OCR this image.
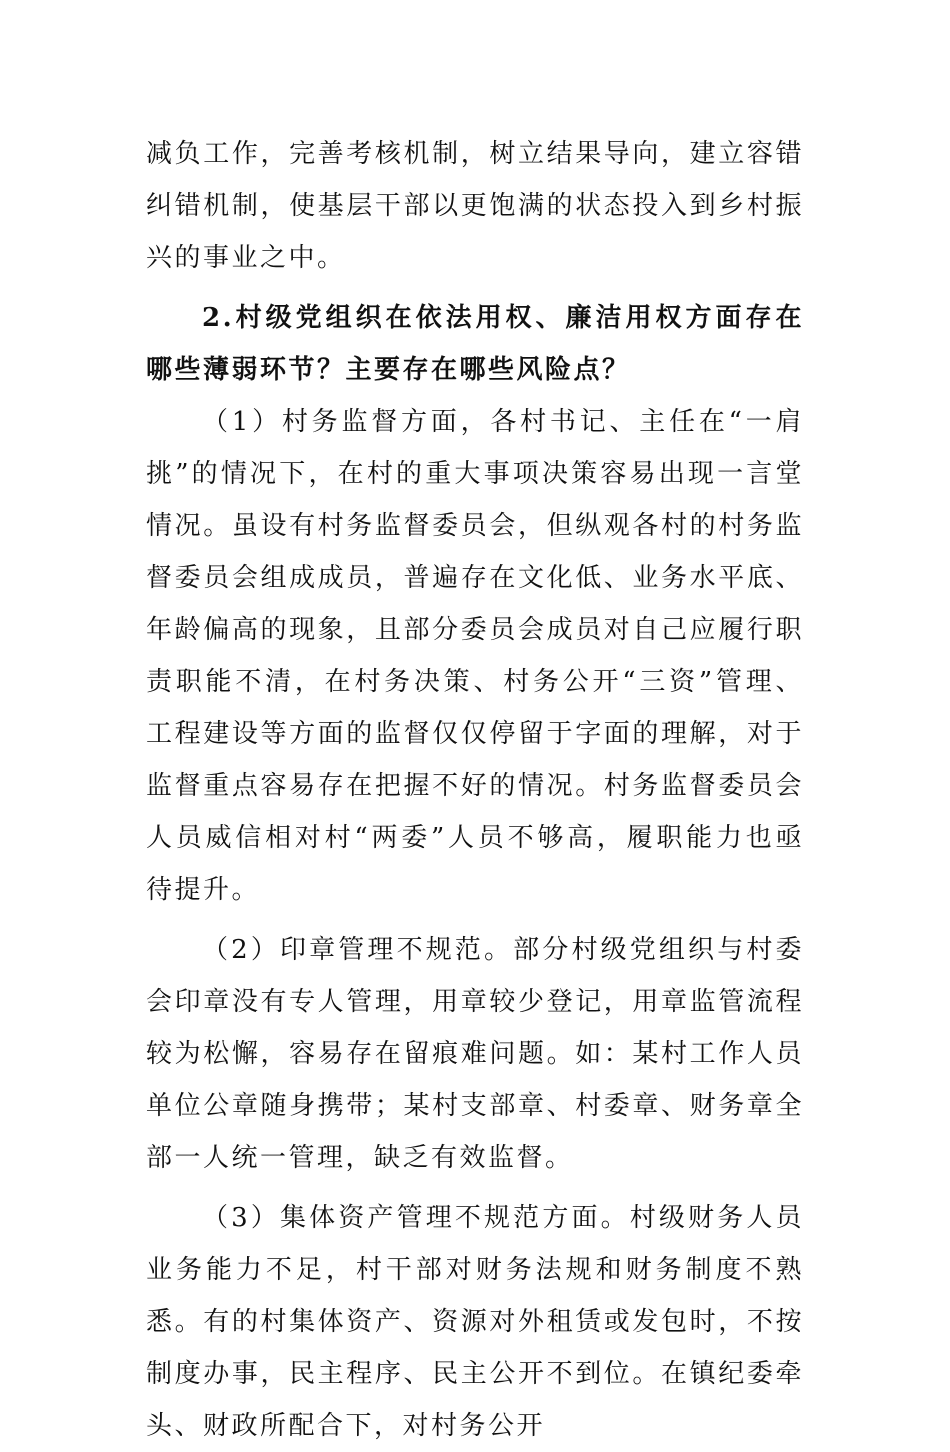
减负工作，完善考核机制，树立结果导向，建立容错纠错机制，使基层干部以更饱满的状态投入到乡村振兴的事业之中。

2.村级党组织在依法用权、廉洁用权方面存在哪些薄弱环节？主要存在哪些风险点？

（1）村务监督方面，各村书记、主任在“一肩挑”的情况下，在村的重大事项决策容易出现一言堂情况。虽设有村务监督委员会，但纵观各村的村务监督委员会组成成员，普遍存在文化低、业务水平底、年龄偏高的现象，且部分委员会成员对自己应履行职责职能不清，在村务决策、村务公开“三资”管理、工程建设等方面的监督仅仅停留于字面的理解，对于监督重点容易存在把握不好的情况。村务监督委员会人员威信相对村“两委”人员不够高，履职能力也亟待提升。

（2）印章管理不规范。部分村级党组织与村委会印章没有专人管理，用章较少登记，用章监管流程较为松懈，容易存在留痕难问题。如：某村工作人员单位公章随身携带；某村支部章、村委章、财务章全部一人统一管理，缺乏有效监督。

（3）集体资产管理不规范方面。村级财务人员业务能力不足，村干部对财务法规和财务制度不熟悉。有的村集体资产、资源对外租赁或发包时，不按制度办事，民主程序、民主公开不到位。在镇纪委牵头、财政所配合下，对村务公开
